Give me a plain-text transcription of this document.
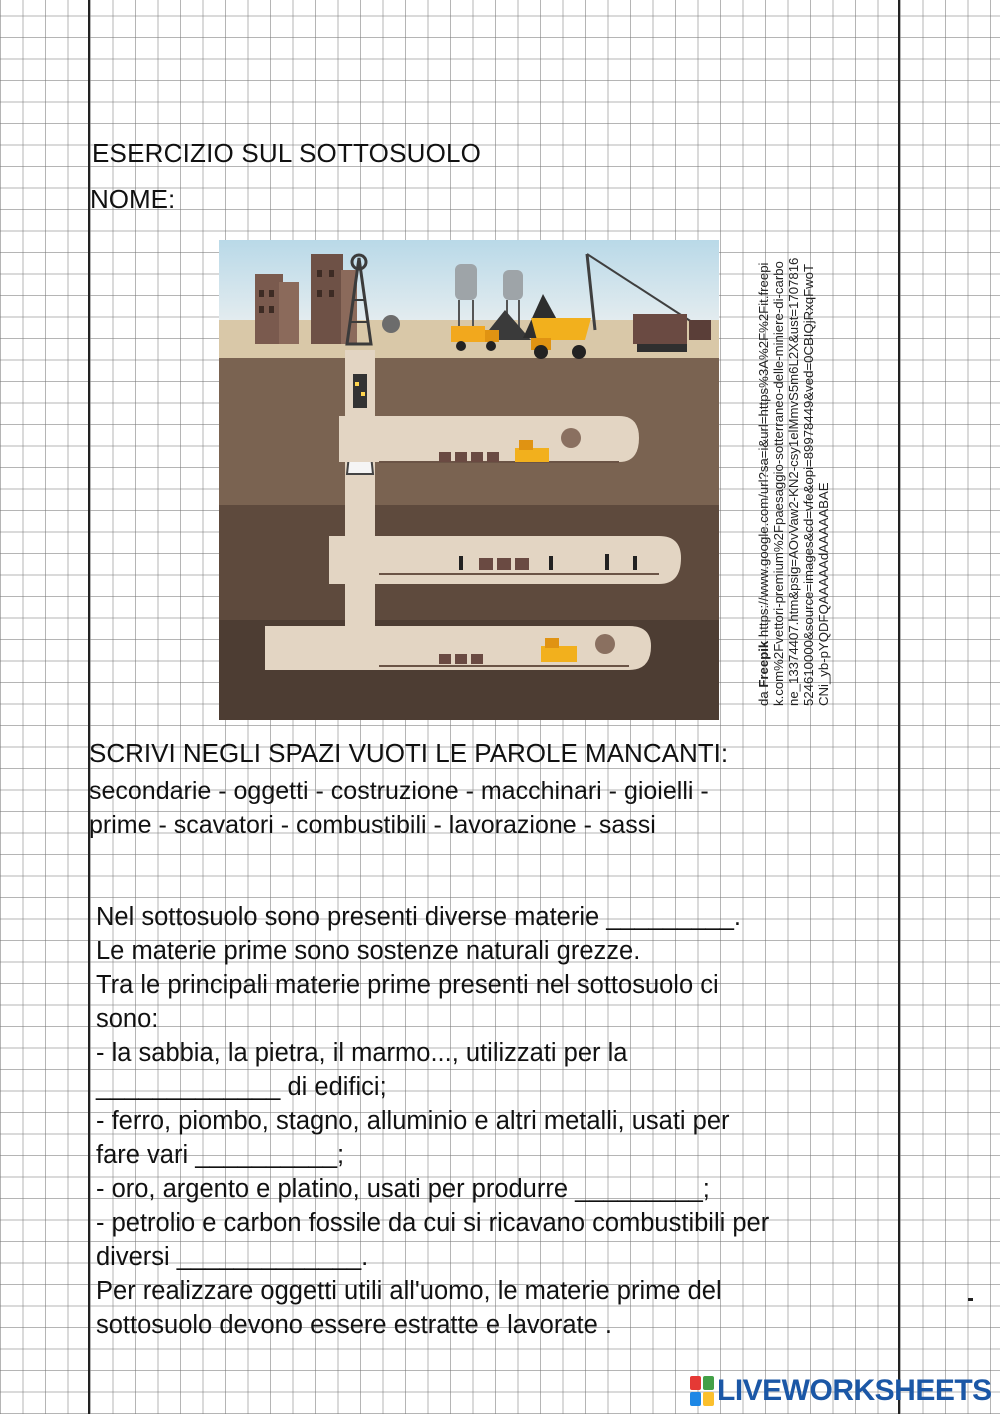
ESERCIZIO SUL SOTTOSUOLO
NOME:
da Freepik https://www.google.com/url?sa=i&url=https%3A%2F%2Fit.freepik.com%2Fvettori-premium%2Fpaesaggio-sotterraneo-delle-miniere-di-carbone_13374407.htm&psig=AOvVaw2-KN2-csy1elMmvS5m6L2X&ust=1707816524610000&source=images&cd=vfe&opi=89978449&ved=0CBIQjRxqFwoTCNi_yb-pYQDFQAAAAAdAAAAABAE
SCRIVI NEGLI SPAZI VUOTI LE PAROLE MANCANTI:
secondarie - oggetti - costruzione - macchinari - gioielli -
prime - scavatori - combustibili - lavorazione - sassi
Nel sottosuolo sono presenti diverse materie _________.
Le materie prime sono sostenze naturali grezze.
Tra le principali materie prime presenti nel sottosuolo ci
sono:
- la sabbia, la pietra, il marmo..., utilizzati per la
_____________ di edifici;
- ferro, piombo, stagno, alluminio e altri metalli, usati per
fare vari __________;
- oro, argento e platino, usati per produrre _________;
- petrolio e carbon fossile da cui si ricavano combustibili per
diversi _____________.
Per realizzare oggetti utili all'uomo, le materie prime del
sottosuolo devono essere estratte e lavorate .
LIVEWORKSHEETS
